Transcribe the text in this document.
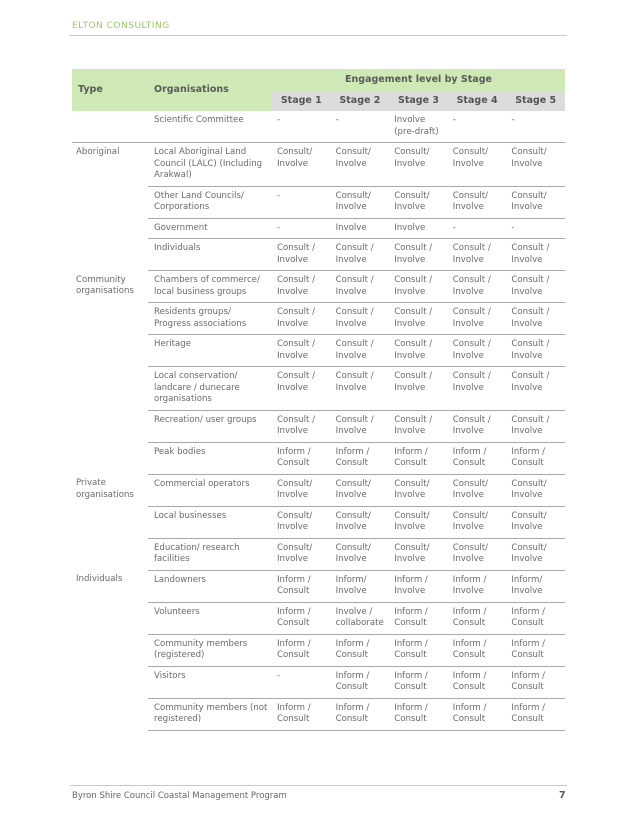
ELTON CONSULTING
Type	Organisations	Engagement level by Stage				
		Stage 1	Stage 2	Stage 3	Stage 4	Stage 5
	Scientific Committee	-	-	Involve (pre-draft)	-	-
Aboriginal	Local Aboriginal Land Council (LALC) (Including Arakwal)	Consult/ Involve	Consult/ Involve	Consult/ Involve	Consult/ Involve	Consult/ Involve
	Other Land Councils/ Corporations	-	Consult/ Involve	Consult/ Involve	Consult/ Involve	Consult/ Involve
	Government	-	Involve	Involve	-	-
	Individuals	Consult / Involve	Consult / Involve	Consult / Involve	Consult / Involve	Consult / Involve
Community organisations	Chambers of commerce/ local business groups	Consult / Involve	Consult / Involve	Consult / Involve	Consult / Involve	Consult / Involve
	Residents groups/ Progress associations	Consult / Involve	Consult / Involve	Consult / Involve	Consult / Involve	Consult / Involve
	Heritage	Consult / Involve	Consult / Involve	Consult / Involve	Consult / Involve	Consult / Involve
	Local conservation/ landcare / dunecare organisations	Consult / Involve	Consult / Involve	Consult / Involve	Consult / Involve	Consult / Involve
	Recreation/ user groups	Consult / Involve	Consult / Involve	Consult / Involve	Consult / Involve	Consult / Involve
	Peak bodies	Inform / Consult	Inform / Consult	Inform / Consult	Inform / Consult	Inform / Consult
Private organisations	Commercial operators	Consult/ Involve	Consult/ Involve	Consult/ Involve	Consult/ Involve	Consult/ Involve
	Local businesses	Consult/ Involve	Consult/ Involve	Consult/ Involve	Consult/ Involve	Consult/ Involve
	Education/ research facilities	Consult/ Involve	Consult/ Involve	Consult/ Involve	Consult/ Involve	Consult/ Involve
Individuals	Landowners	Inform / Consult	Inform/ Involve	Inform / Involve	Inform / Involve	Inform/ Involve
	Volunteers	Inform / Consult	Involve / collaborate	Inform / Consult	Inform / Consult	Inform / Consult
	Community members (registered)	Inform / Consult	Inform / Consult	Inform / Consult	Inform / Consult	Inform / Consult
	Visitors	-	Inform / Consult	Inform / Consult	Inform / Consult	Inform / Consult
	Community members (not registered)	Inform / Consult	Inform / Consult	Inform / Consult	Inform / Consult	Inform / Consult
Byron Shire Council Coastal Management Program	7
